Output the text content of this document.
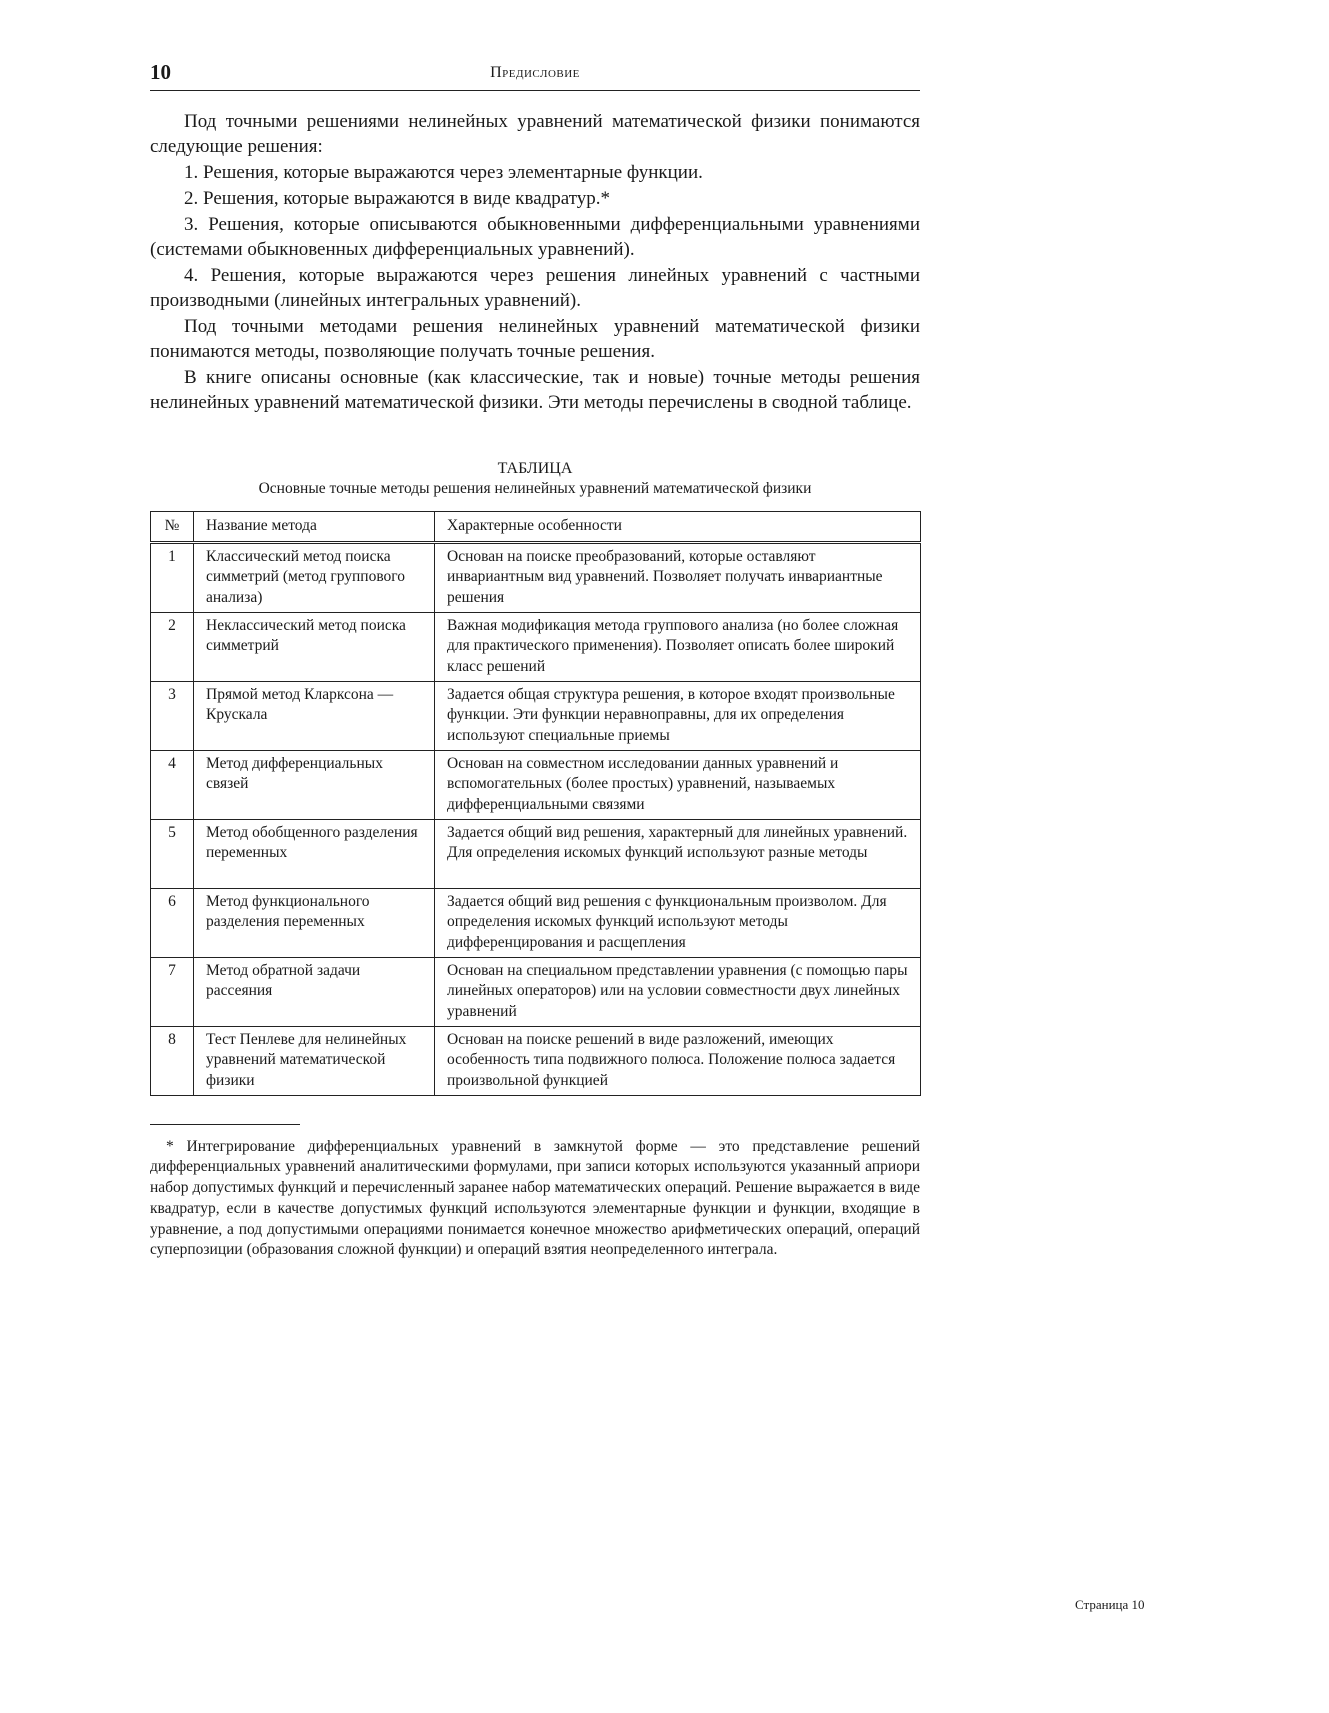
10	Предисловие

Под точными решениями нелинейных уравнений математической физики понимаются следующие решения:

1. Решения, которые выражаются через элементарные функции.

2. Решения, которые выражаются в виде квадратур.*

3. Решения, которые описываются обыкновенными дифференциальными уравнениями (системами обыкновенных дифференциальных уравнений).

4. Решения, которые выражаются через решения линейных уравнений с частными производными (линейных интегральных уравнений).

Под точными методами решения нелинейных уравнений математической физики понимаются методы, позволяющие получать точные решения.

В книге описаны основные (как классические, так и новые) точные методы решения нелинейных уравнений математической физики. Эти методы перечислены в сводной таблице.

ТАБЛИЦА
Основные точные методы решения нелинейных уравнений математической физики
№	Название метода	Характерные особенности
1	Классический метод поиска симметрий (метод группового анализа)	Основан на поиске преобразований, которые оставляют инвариантным вид уравнений. Позволяет получать инвариантные решения
2	Неклассический метод поиска симметрий	Важная модификация метода группового анализа (но более сложная для практического применения). Позволяет описать более широкий класс решений
3	Прямой метод Кларксона — Крускала	Задается общая структура решения, в которое входят произвольные функции. Эти функции неравноправны, для их определения используют специальные приемы
4	Метод дифференциальных связей	Основан на совместном исследовании данных уравнений и вспомогательных (более простых) уравнений, называемых дифференциальными связями
5	Метод обобщенного разделения переменных	Задается общий вид решения, характерный для линейных уравнений. Для определения искомых функций используют разные методы
6	Метод функционального разделения переменных	Задается общий вид решения с функциональным произволом. Для определения искомых функций используют методы дифференцирования и расщепления
7	Метод обратной задачи рассеяния	Основан на специальном представлении уравнения (с помощью пары линейных операторов) или на условии совместности двух линейных уравнений
8	Тест Пенлеве для нелинейных уравнений математической физики	Основан на поиске решений в виде разложений, имеющих особенность типа подвижного полюса. Положение полюса задается произвольной функцией
* Интегрирование дифференциальных уравнений в замкнутой форме — это представление решений дифференциальных уравнений аналитическими формулами, при записи которых используются указанный априори набор допустимых функций и перечисленный заранее набор математических операций. Решение выражается в виде квадратур, если в качестве допустимых функций используются элементарные функции и функции, входящие в уравнение, а под допустимыми операциями понимается конечное множество арифметических операций, операций суперпозиции (образования сложной функции) и операций взятия неопределенного интеграла.
Страница 10
